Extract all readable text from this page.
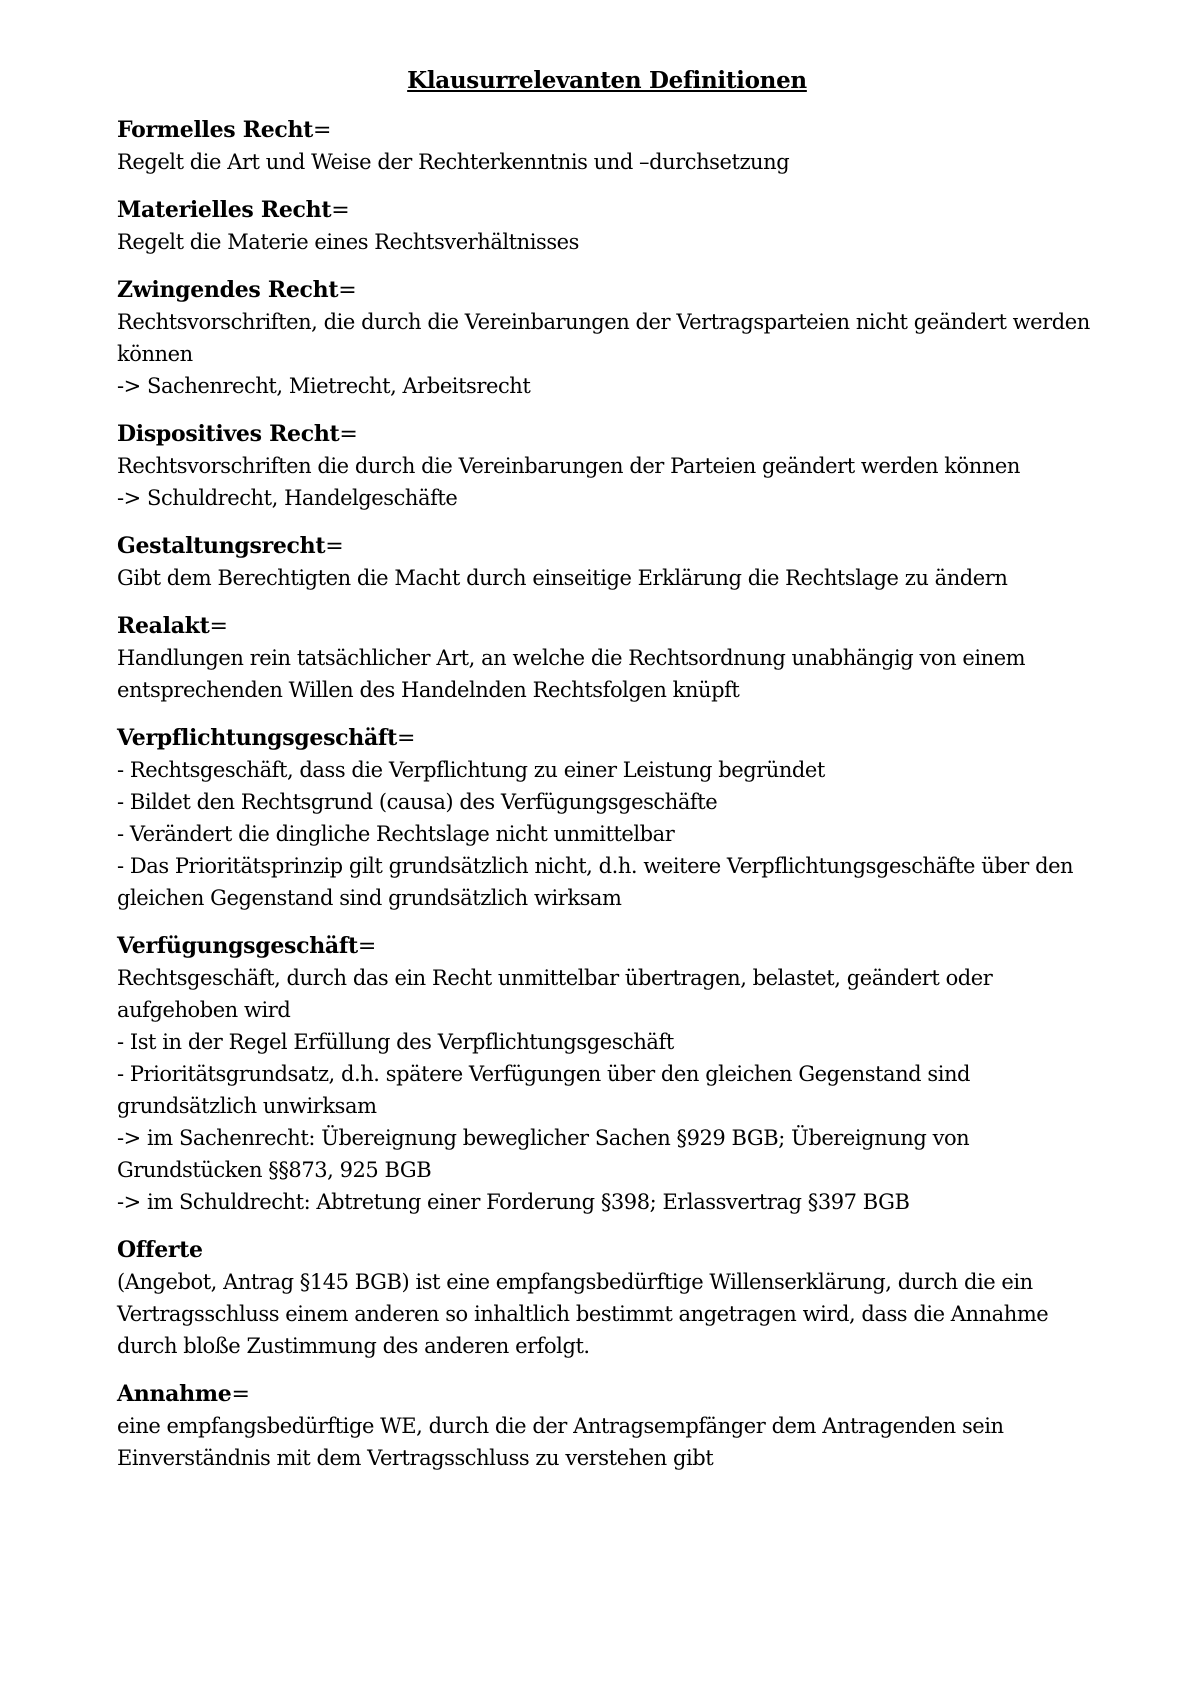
Klausurrelevanten Definitionen
Formelles Recht=
Regelt die Art und Weise der Rechterkenntnis und –durchsetzung
Materielles Recht=
Regelt die Materie eines Rechtsverhältnisses
Zwingendes Recht=
Rechtsvorschriften, die durch die Vereinbarungen der Vertragsparteien nicht geändert werden können
-> Sachenrecht, Mietrecht, Arbeitsrecht
Dispositives Recht=
Rechtsvorschriften die durch die Vereinbarungen der Parteien geändert werden können
-> Schuldrecht, Handelgeschäfte
Gestaltungsrecht=
Gibt dem Berechtigten die Macht durch einseitige Erklärung die Rechtslage zu ändern
Realakt=
Handlungen rein tatsächlicher Art, an welche die Rechtsordnung unabhängig von einem entsprechenden Willen des Handelnden Rechtsfolgen knüpft
Verpflichtungsgeschäft=
- Rechtsgeschäft, dass die Verpflichtung zu einer Leistung begründet
- Bildet den Rechtsgrund (causa) des Verfügungsgeschäfte
- Verändert die dingliche Rechtslage nicht unmittelbar
- Das Prioritätsprinzip gilt grundsätzlich nicht, d.h. weitere Verpflichtungsgeschäfte über den gleichen Gegenstand sind grundsätzlich wirksam
Verfügungsgeschäft=
Rechtsgeschäft, durch das ein Recht unmittelbar übertragen, belastet, geändert oder aufgehoben wird
- Ist in der Regel Erfüllung des Verpflichtungsgeschäft
- Prioritätsgrundsatz, d.h. spätere Verfügungen über den gleichen Gegenstand sind grundsätzlich unwirksam
-> im Sachenrecht: Übereignung beweglicher Sachen §929 BGB; Übereignung von Grundstücken §§873, 925 BGB
-> im Schuldrecht: Abtretung einer Forderung §398; Erlassvertrag §397 BGB
Offerte
(Angebot, Antrag §145 BGB) ist eine empfangsbedürftige Willenserklärung, durch die ein Vertragsschluss einem anderen so inhaltlich bestimmt angetragen wird, dass die Annahme durch bloße Zustimmung des anderen erfolgt.
Annahme=
eine empfangsbedürftige WE, durch die der Antragsempfänger dem Antragenden sein Einverständnis mit dem Vertragsschluss zu verstehen gibt
